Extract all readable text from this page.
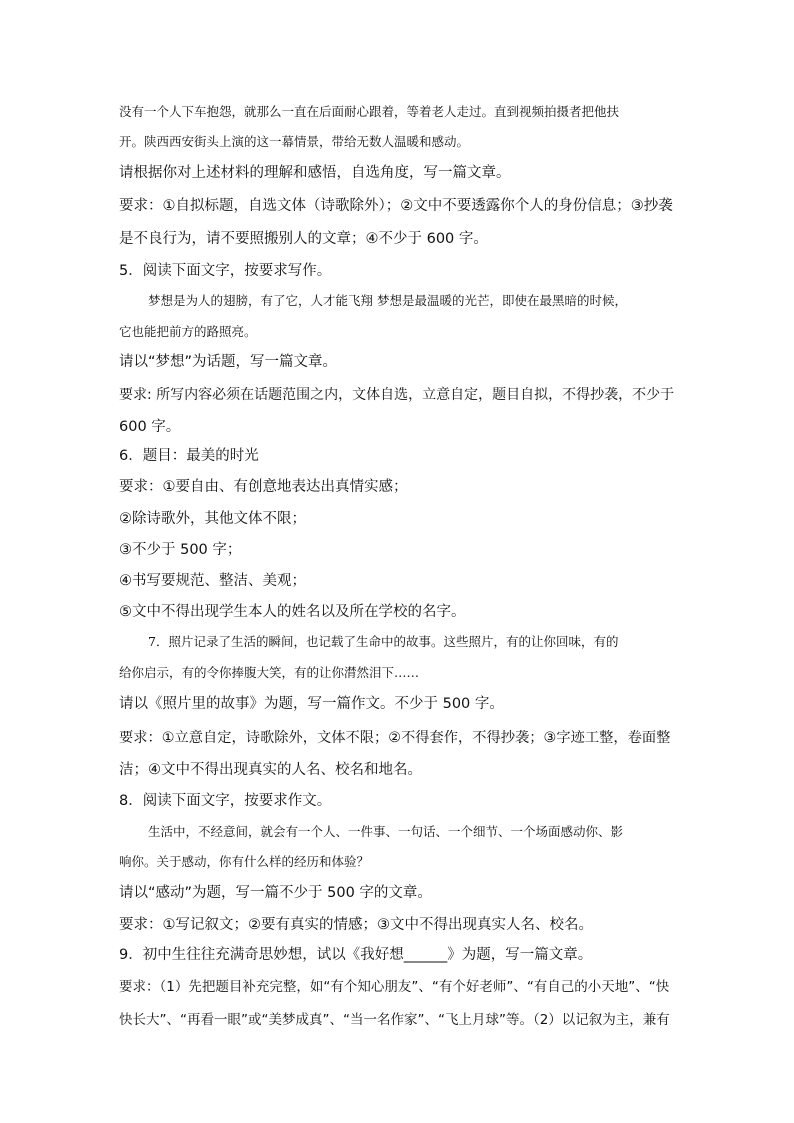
没有一个人下车抱怨，就那么一直在后面耐心跟着，等着老人走过。直到视频拍摄者把他扶
开。陕西西安街头上演的这一幕情景，带给无数人温暖和感动。
请根据你对上述材料的理解和感悟，自选角度，写一篇文章。
要求：①自拟标题，自选文体（诗歌除外）；②文中不要透露你个人的身份信息；③抄袭
是不良行为，请不要照搬别人的文章；④不少于 600 字。
5．阅读下面文字，按要求写作。
梦想是为人的翅膀，有了它，人才能飞翔 梦想是最温暖的光芒，即使在最黑暗的时候，
它也能把前方的路照亮。
请以“梦想”为话题，写一篇文章。
要求: 所写内容必须在话题范围之内，文体自选，立意自定，题目自拟，不得抄袭，不少于
600 字。
6．题目：最美的时光
要求：①要自由、有创意地表达出真情实感；
②除诗歌外，其他文体不限；
③不少于 500 字；
④书写要规范、整洁、美观；
⑤文中不得出现学生本人的姓名以及所在学校的名字。
7．照片记录了生活的瞬间，也记载了生命中的故事。这些照片，有的让你回味，有的
给你启示，有的令你捧腹大笑，有的让你潸然泪下……
请以《照片里的故事》为题，写一篇作文。不少于 500 字。
要求：①立意自定，诗歌除外，文体不限；②不得套作，不得抄袭；③字迹工整，卷面整
洁；④文中不得出现真实的人名、校名和地名。
8．阅读下面文字，按要求作文。
生活中，不经意间，就会有一个人、一件事、一句话、一个细节、一个场面感动你、影
响你。关于感动，你有什么样的经历和体验？
请以“感动”为题，写一篇不少于 500 字的文章。
要求：①写记叙文；②要有真实的情感；③文中不得出现真实人名、校名。
9．初中生往往充满奇思妙想，试以《我好想______》为题，写一篇文章。
要求：（1）先把题目补充完整，如“有个知心朋友”、“有个好老师”、“有自己的小天地”、“快
快长大”、“再看一眼”或“美梦成真”、“当一名作家”、“飞上月球”等。（2）以记叙为主，兼有
